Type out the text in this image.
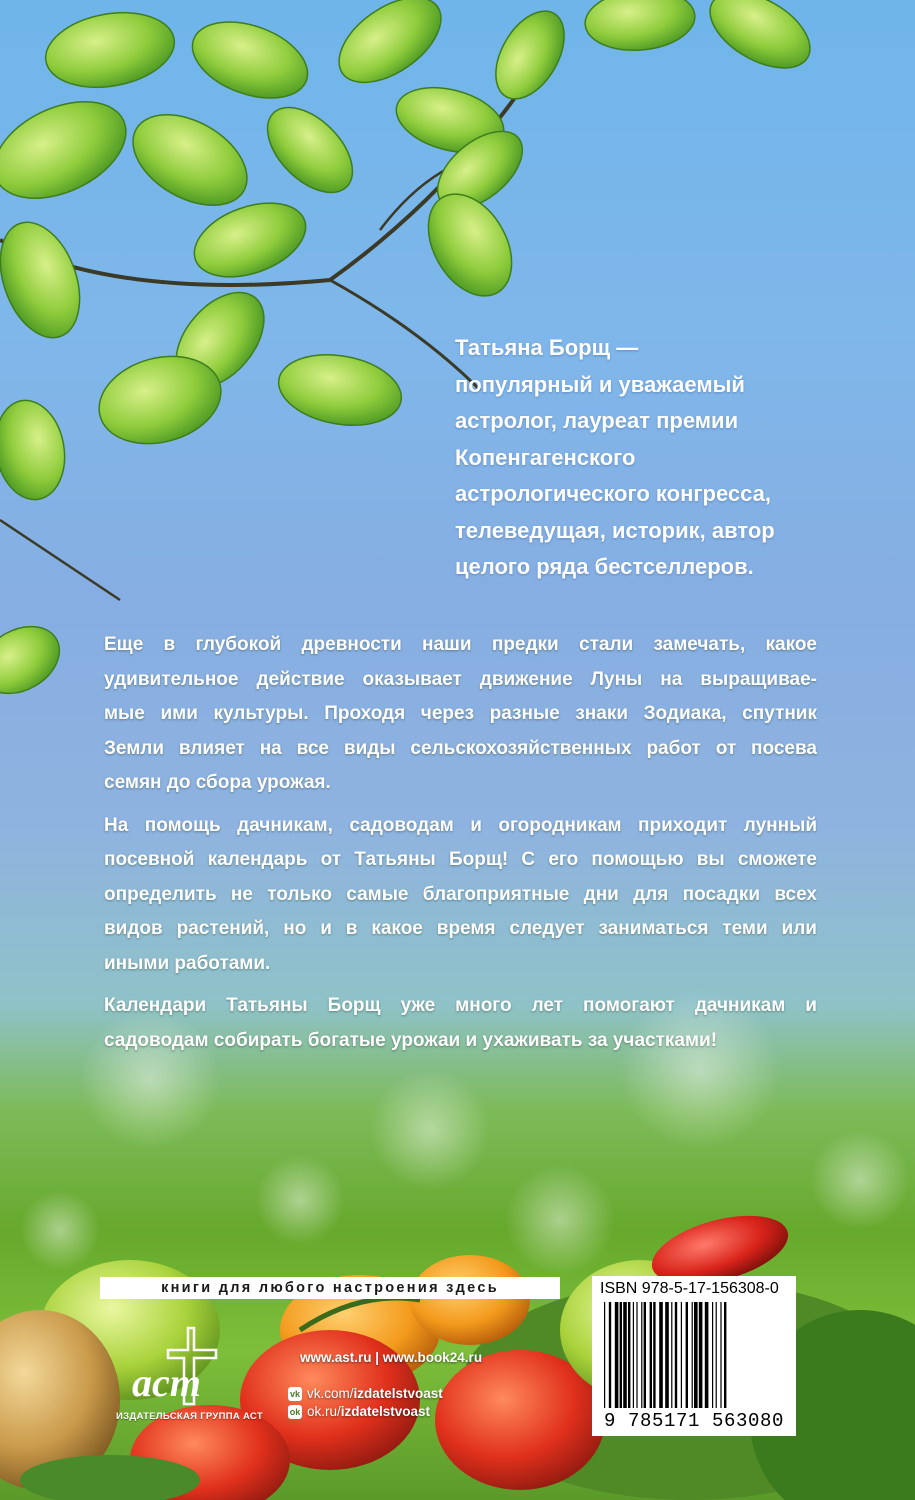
Татьяна Борщ —
популярный и уважаемый
астролог, лауреат премии
Копенгагенского
астрологического конгресса,
телеведущая, историк, автор
целого ряда бестселлеров.

Еще в глубокой древности наши предки стали замечать, какое
удивительное действие оказывает движение Луны на выращивае-
мые ими культуры. Проходя через разные знаки Зодиака, спутник
Земли влияет на все виды сельскохозяйственных работ от посева
семян до сбора урожая.

На помощь дачникам, садоводам и огородникам приходит лунный
посевной календарь от Татьяны Борщ! С его помощью вы сможете
определить не только самые благоприятные дни для посадки всех
видов растений, но и в какое время следует заниматься теми или
иными работами.

Календари Татьяны Борщ уже много лет помогают дачникам и
садоводам собирать богатые урожаи и ухаживать за участками!

книги для любого настроения здесь	ISBN 978-5-17-156308-0
9 785171 563080
аст
ИЗДАТЕЛЬСКАЯ ГРУППА АСТ
www.ast.ru | www.book24.ru
vk vk.com/ izdatelstvoast
ok ok.ru/ izdatelstvoast
